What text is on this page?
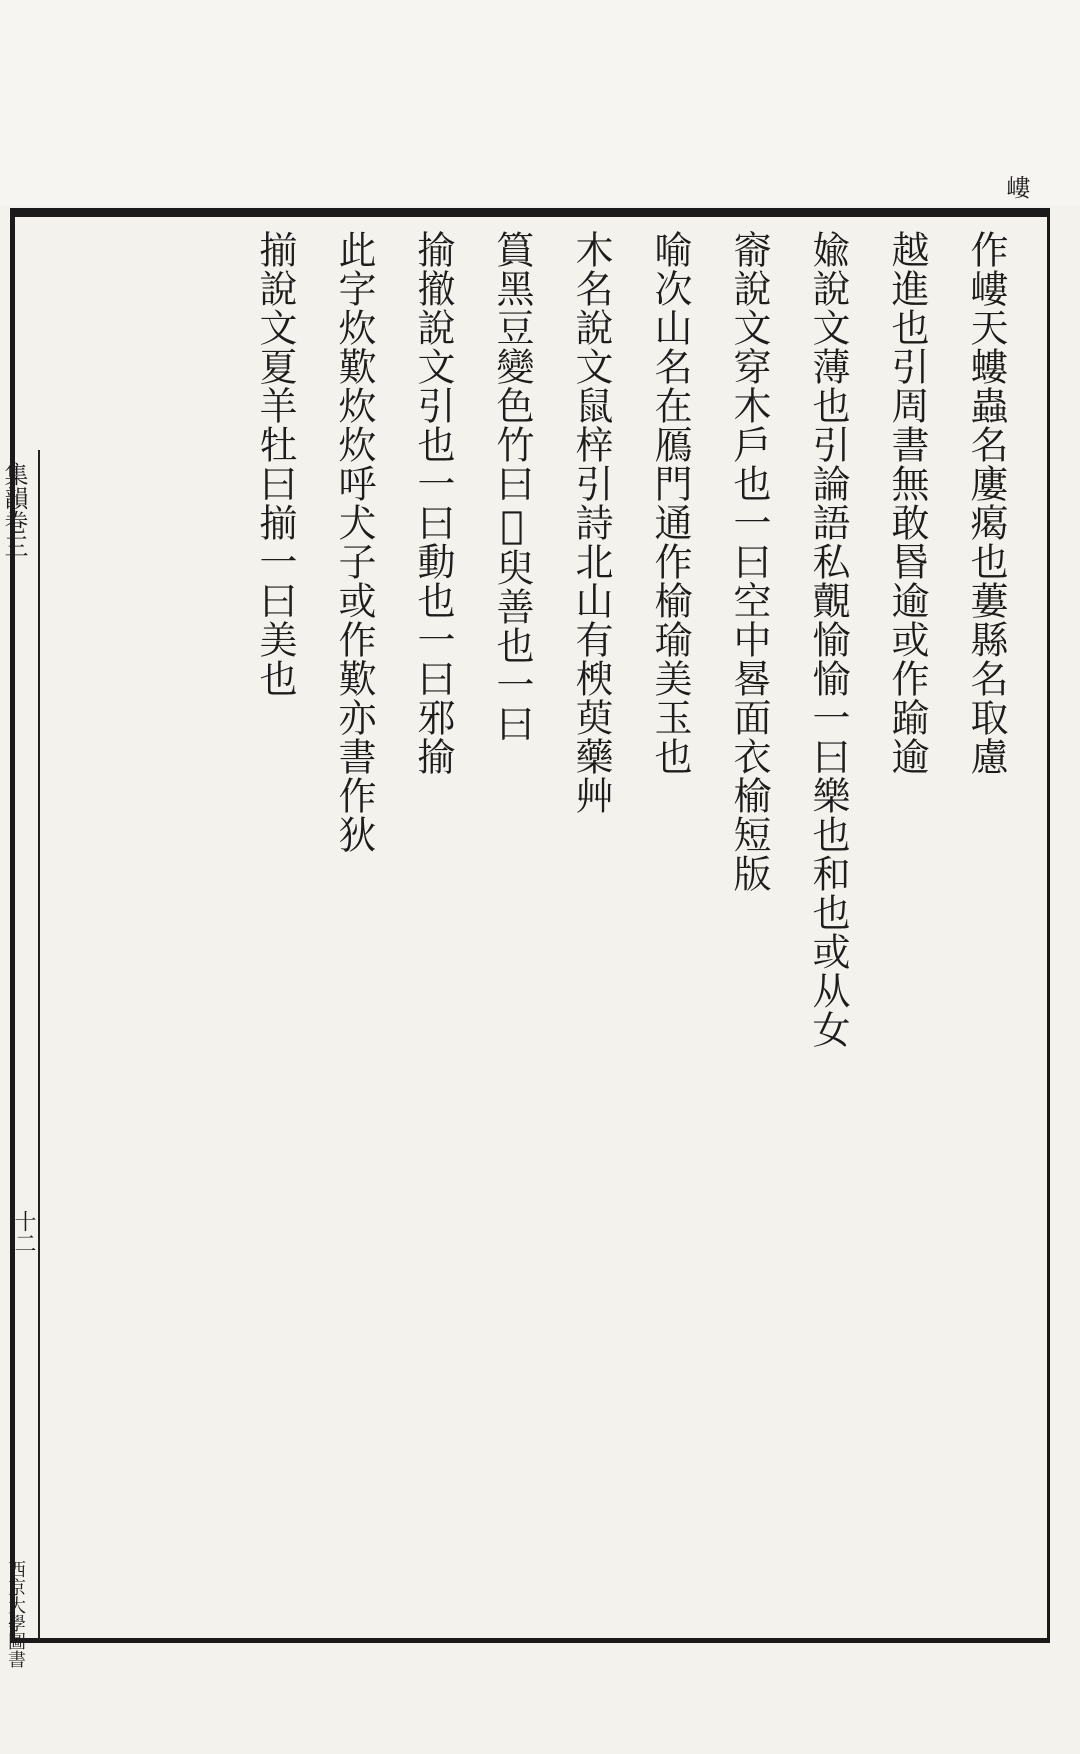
嶁
集韻巻三
十二
西京大學圖書
作嶁天螻蟲名廔𤸎也蔞縣名取慮
越進也引周書無敢昬逾或作踰逾
婾說文薄也引論語私覿愉愉一曰樂也和也或从女
窬說文穿木戶也一曰空中晷面衣榆短版
喻次山名在鴈門通作榆瑜美玉也
木名說文鼠梓引詩北山有楰萸藥艸
篔黑豆變色竹曰𥷺臾善也一曰
揄撤說文引也一曰動也一曰邪揄
此字炊歎炊炊呼犬子或作歎亦書作狄
揃說文夏羊牡曰揃一曰美也
